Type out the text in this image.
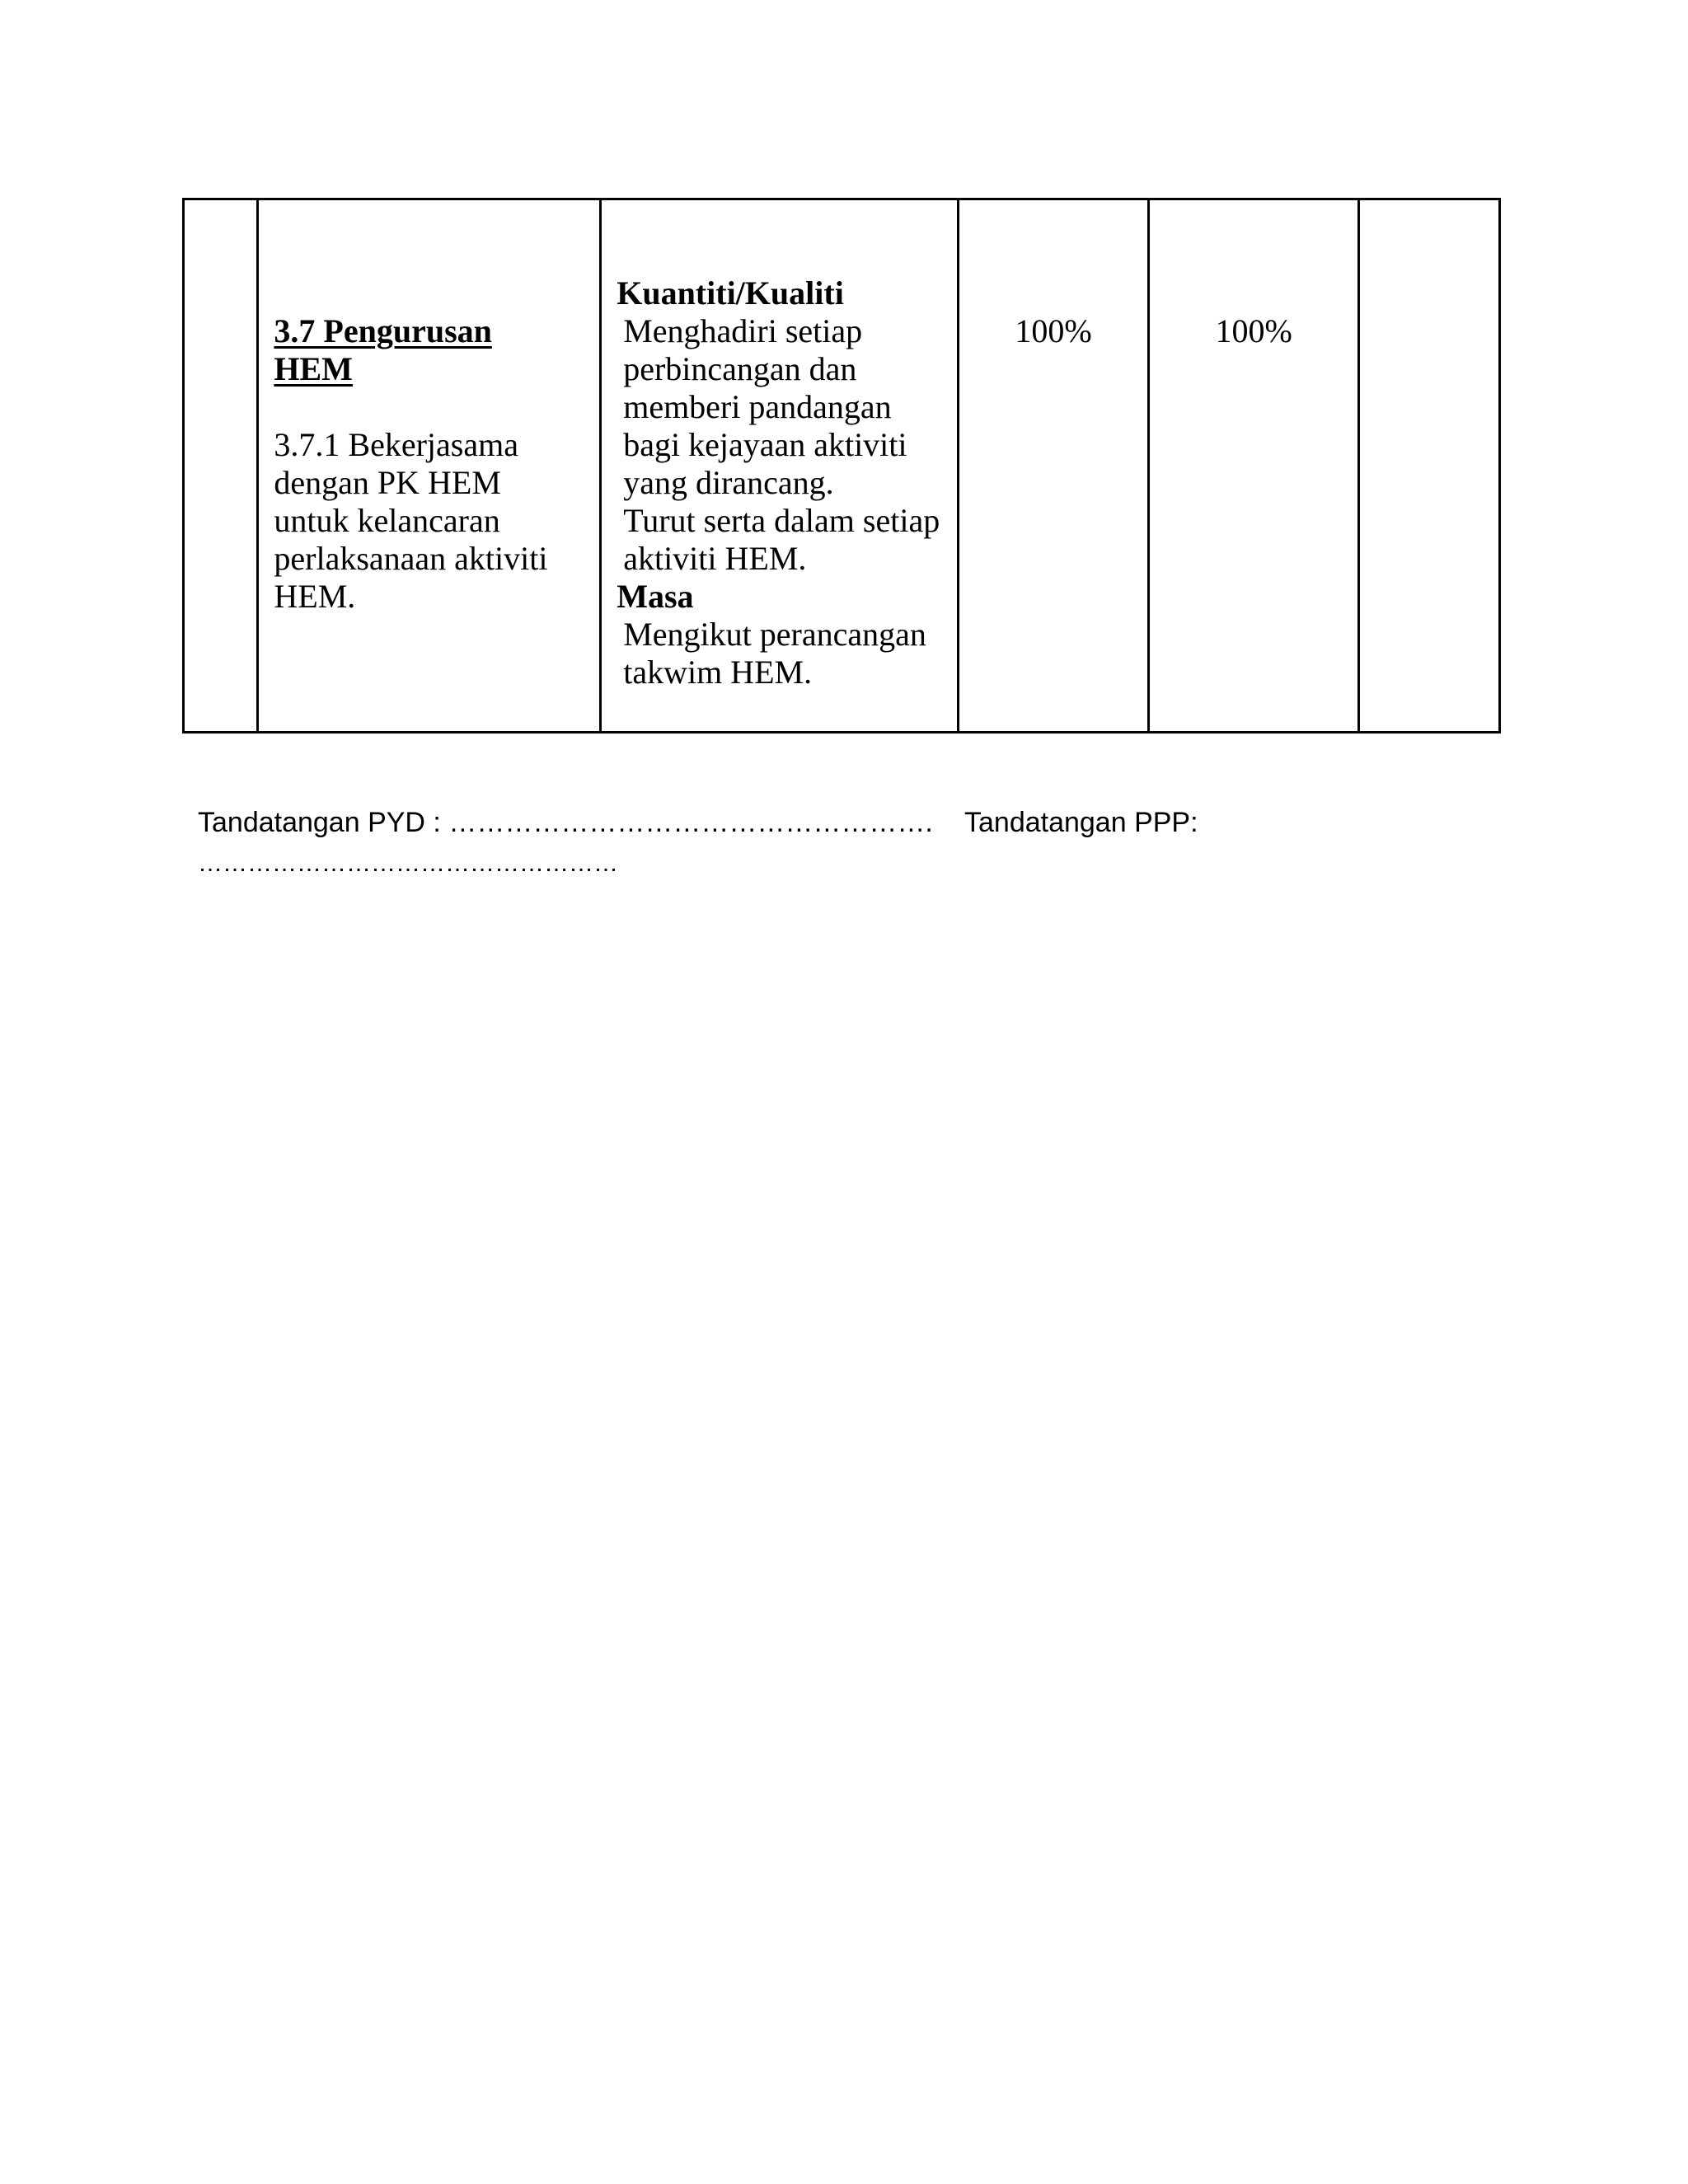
3.7 Pengurusan HEM
3.7.1 Bekerjasama dengan PK HEM untuk kelancaran perlaksanaan aktiviti HEM.

Kuantiti/Kualiti
Menghadiri setiap perbincangan dan memberi pandangan bagi kejayaan aktiviti yang dirancang.
Turut serta dalam setiap aktiviti HEM.
Masa
Mengikut perancangan takwim HEM.
	100%	100%	
Tandatangan PYD : ……………………………………………. Tandatangan PPP:
……………………………………………
